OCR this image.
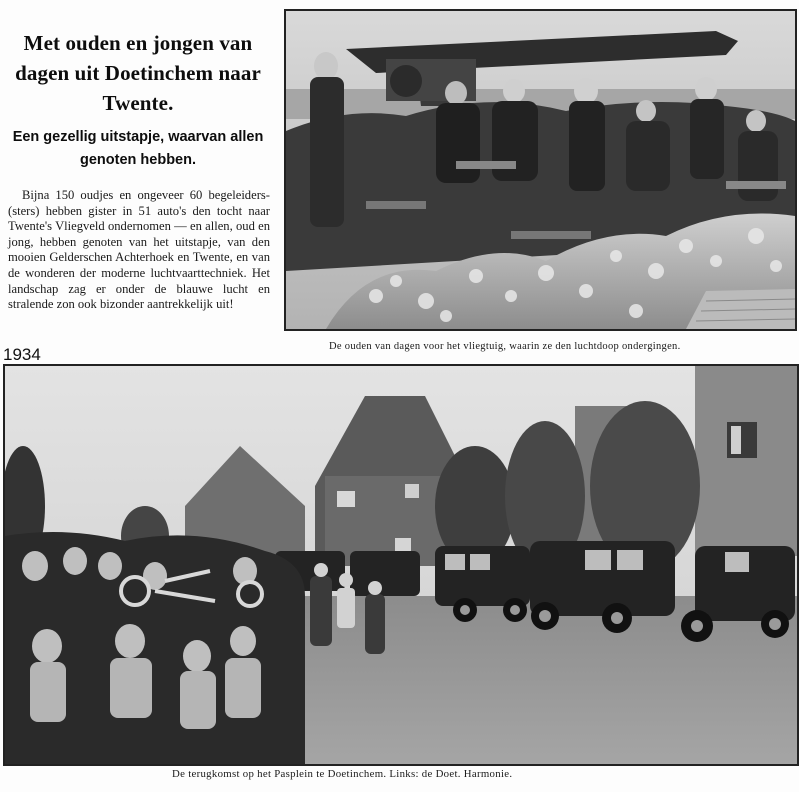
Met ouden en jongen van dagen uit Doetinchem naar Twente.
Een gezellig uitstapje, waarvan allen genoten hebben.

Bijna 150 oudjes en ongeveer 60 begeleiders-(sters) hebben gister in 51 auto's den tocht naar Twente's Vliegveld ondernomen — en allen, oud en jong, hebben genoten van het uitstapje, van den mooien Gelderschen Achterhoek en Twente, en van de wonderen der moderne luchtvaarttechniek. Het landschap zag er onder de blauwe lucht en stralende zon ook bizonder aantrekkelijk uit!

1934	De ouden van dagen voor het vliegtuig, waarin ze den luchtdoop ondergingen.
De terugkomst op het Pasplein te Doetinchem. Links: de Doet. Harmonie.
